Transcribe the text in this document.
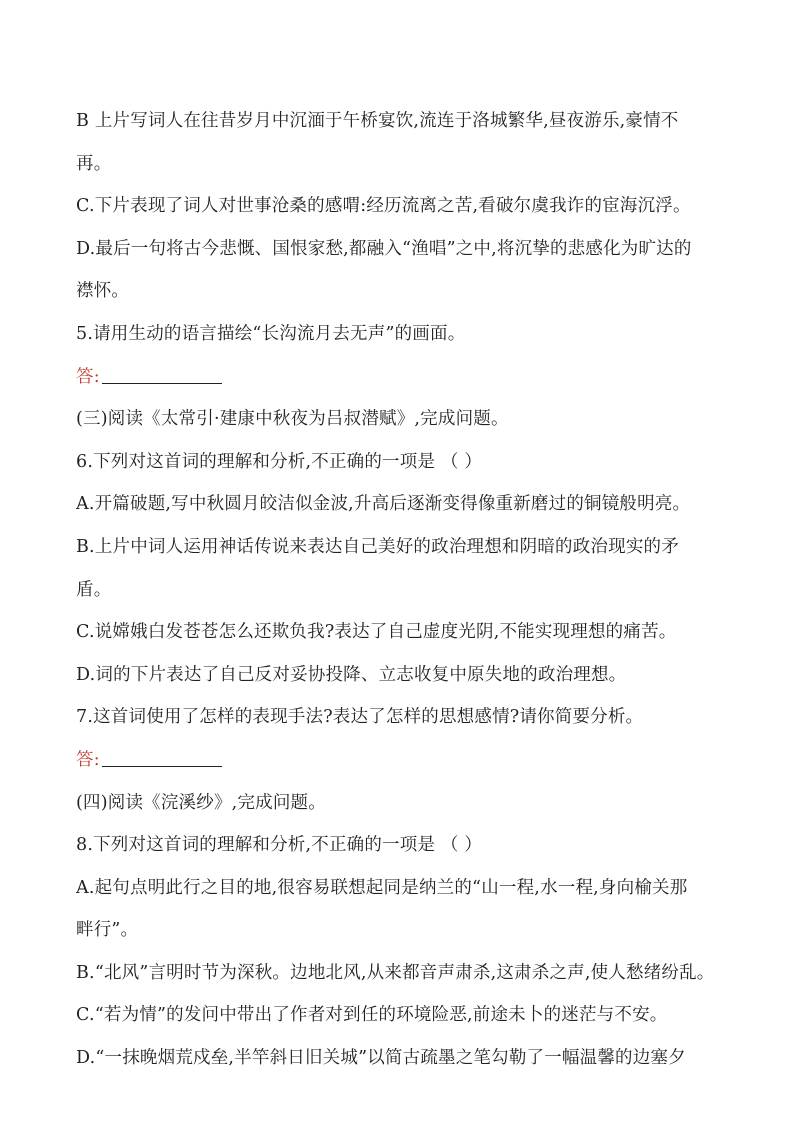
B 上片写词人在往昔岁月中沉湎于午桥宴饮,流连于洛城繁华,昼夜游乐,豪情不
再。
C.下片表现了词人对世事沧桑的感喟:经历流离之苦,看破尔虞我诈的宦海沉浮。
D.最后一句将古今悲慨、国恨家愁,都融入“渔唱”之中,将沉挚的悲感化为旷达的
襟怀。
5.请用生动的语言描绘“长沟流月去无声”的画面。
答:
(三)阅读《太常引·建康中秋夜为吕叔潜赋》,完成问题。
6.下列对这首词的理解和分析,不正确的一项是 （ ）
A.开篇破题,写中秋圆月皎洁似金波,升高后逐渐变得像重新磨过的铜镜般明亮。
B.上片中词人运用神话传说来表达自己美好的政治理想和阴暗的政治现实的矛
盾。
C.说嫦娥白发苍苍怎么还欺负我?表达了自己虚度光阴,不能实现理想的痛苦。
D.词的下片表达了自己反对妥协投降、立志收复中原失地的政治理想。
7.这首词使用了怎样的表现手法?表达了怎样的思想感情?请你简要分析。
答:
(四)阅读《浣溪纱》,完成问题。
8.下列对这首词的理解和分析,不正确的一项是 （ ）
A.起句点明此行之目的地,很容易联想起同是纳兰的“山一程,水一程,身向榆关那
畔行”。
B.“北风”言明时节为深秋。边地北风,从来都音声肃杀,这肃杀之声,使人愁绪纷乱。
C.“若为情”的发问中带出了作者对到任的环境险恶,前途未卜的迷茫与不安。
D.“一抹晚烟荒戍垒,半竿斜日旧关城”以简古疏墨之笔勾勒了一幅温馨的边塞夕
